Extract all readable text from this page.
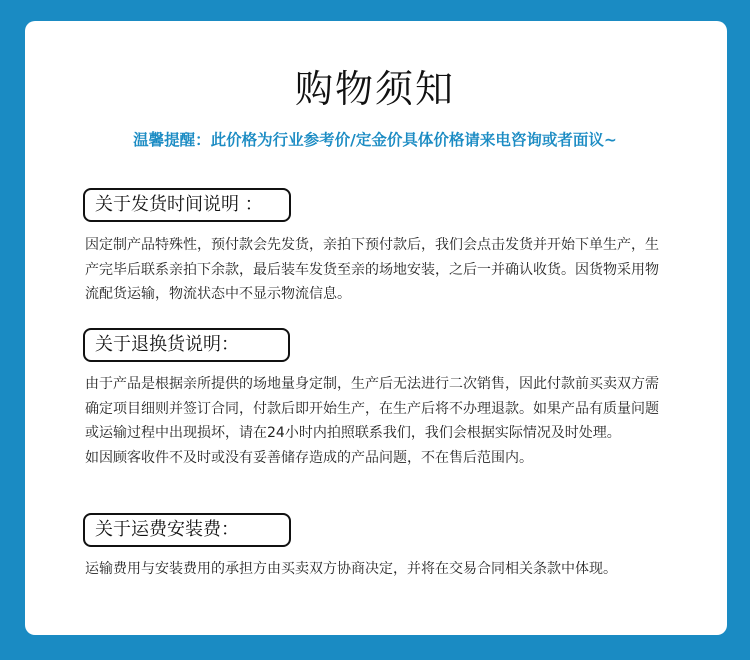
购物须知
温馨提醒：此价格为行业参考价/定金价具体价格请来电咨询或者面议~
关于发货时间说明 ：

因定制产品特殊性，预付款会先发货，亲拍下预付款后，我们会点击发货并开始下单生产，生产完毕后联系亲拍下余款，最后装车发货至亲的场地安装，之后一并确认收货。因货物采用物流配货运输，物流状态中不显示物流信息。

关于退换货说明：

由于产品是根据亲所提供的场地量身定制，生产后无法进行二次销售，因此付款前买卖双方需确定项目细则并签订合同，付款后即开始生产，在生产后将不办理退款。如果产品有质量问题或运输过程中出现损坏，请在24小时内拍照联系我们，我们会根据实际情况及时处理。

如因顾客收件不及时或没有妥善储存造成的产品问题，不在售后范围内。

关于运费安装费：

运输费用与安装费用的承担方由买卖双方协商决定，并将在交易合同相关条款中体现。
